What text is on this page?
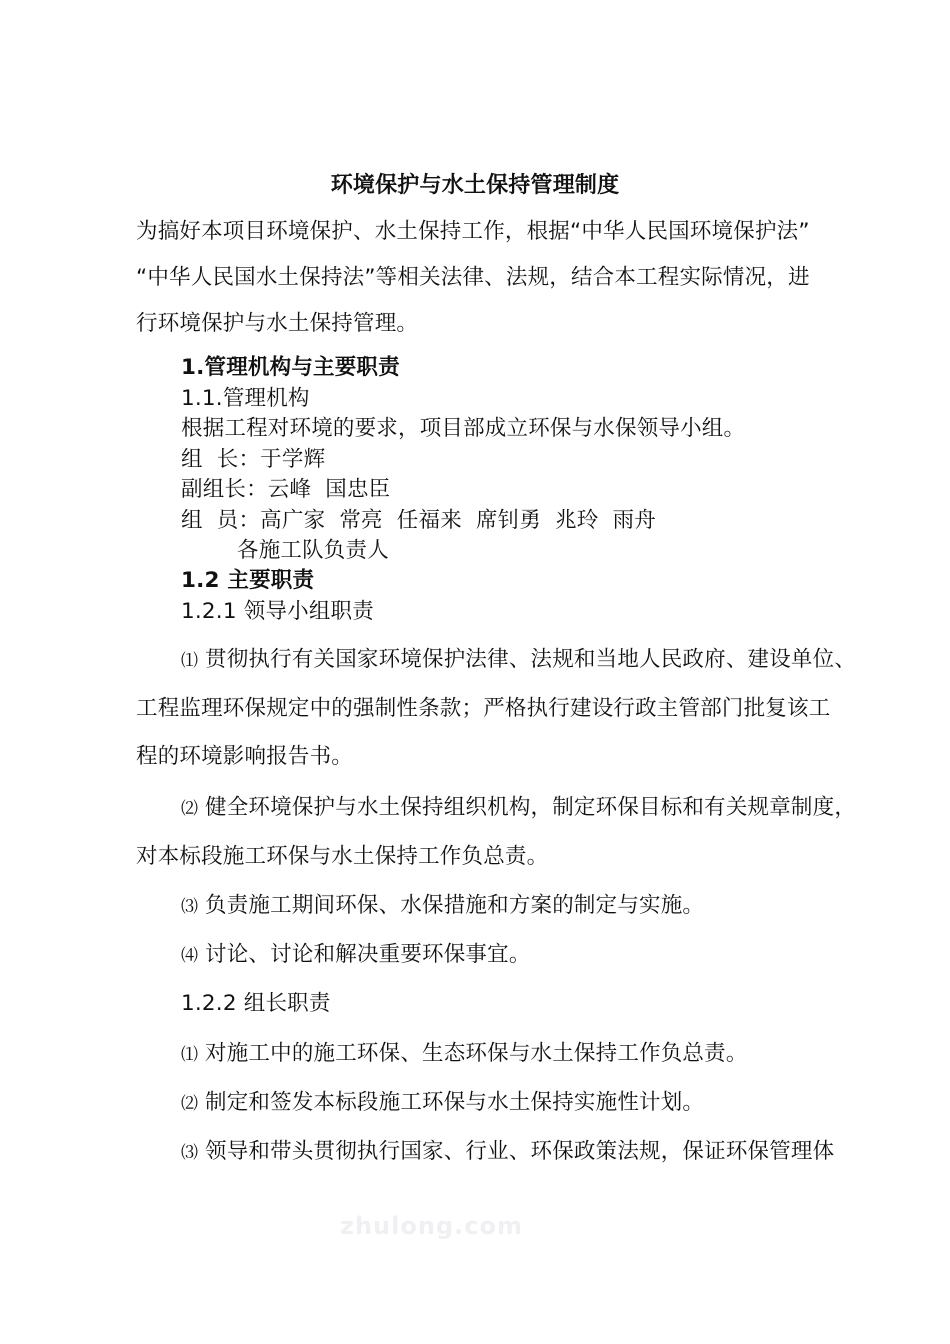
环境保护与水土保持管理制度
为搞好本项目环境保护、水土保持工作，根据“中华人民国环境保护法”
“中华人民国水土保持法”等相关法律、法规，结合本工程实际情况，进
行环境保护与水土保持管理。
1.管理机构与主要职责
1.1.管理机构
根据工程对环境的要求，项目部成立环保与水保领导小组。
组  长：于学辉
副组长：云峰  国忠臣
组  员：高广家  常亮  任福来  席钊勇  兆玲  雨舟
各施工队负责人
1.2 主要职责
1.2.1 领导小组职责
⑴ 贯彻执行有关国家环境保护法律、法规和当地人民政府、建设单位、
工程监理环保规定中的强制性条款；严格执行建设行政主管部门批复该工
程的环境影响报告书。
⑵ 健全环境保护与水土保持组织机构，制定环保目标和有关规章制度，
对本标段施工环保与水土保持工作负总责。
⑶ 负责施工期间环保、水保措施和方案的制定与实施。
⑷ 讨论、讨论和解决重要环保事宜。
1.2.2 组长职责
⑴ 对施工中的施工环保、生态环保与水土保持工作负总责。
⑵ 制定和签发本标段施工环保与水土保持实施性计划。
⑶ 领导和带头贯彻执行国家、行业、环保政策法规，保证环保管理体
zhulong.com
